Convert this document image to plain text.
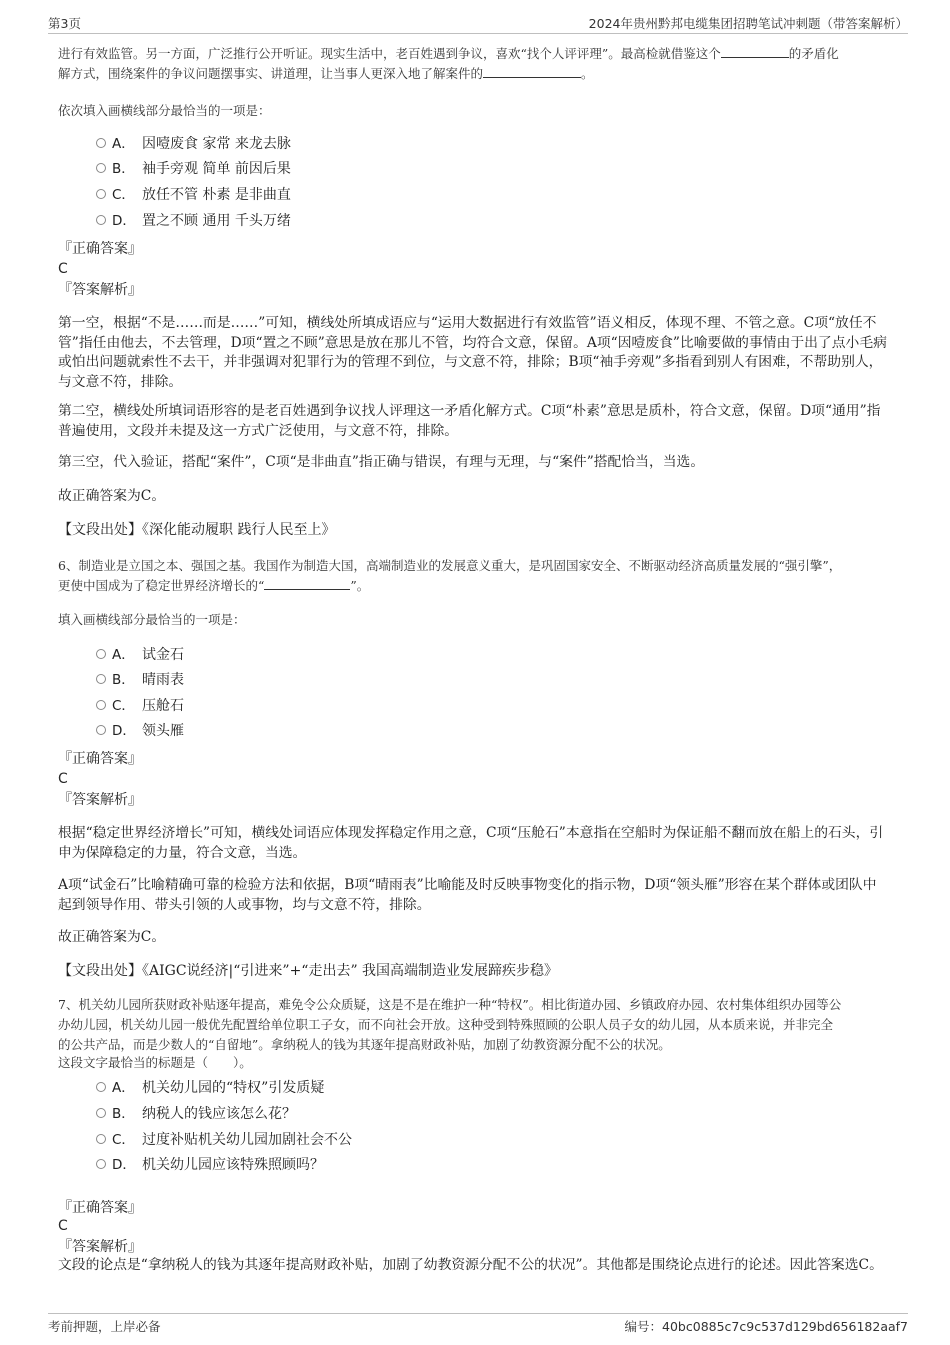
第3页	2024年贵州黔邦电缆集团招聘笔试冲刺题（带答案解析）
进行有效监管。另一方面，广泛推行公开听证。现实生活中，老百姓遇到争议，喜欢“找个人评评理”。最高检就借鉴这个	的矛盾化
解方式，围绕案件的争议问题摆事实、讲道理，让当事人更深入地了解案件的	。
依次填入画横线部分最恰当的一项是：
A． 因噎废食 家常 来龙去脉
B． 袖手旁观 简单 前因后果
C． 放任不管 朴素 是非曲直
D． 置之不顾 通用 千头万绪
『正确答案』
C
『答案解析』
第一空，根据“不是……而是……”可知，横线处所填成语应与“运用大数据进行有效监管”语义相反，体现不理、不管之意。C项“放任不管”指任由他去，不去管理，D项“置之不顾”意思是放在那儿不管，均符合文意，保留。A项“因噎废食”比喻要做的事情由于出了点小毛病或怕出问题就索性不去干，并非强调对犯罪行为的管理不到位，与文意不符，排除；B项“袖手旁观”多指看到别人有困难，不帮助别人，与文意不符，排除。
第二空，横线处所填词语形容的是老百姓遇到争议找人评理这一矛盾化解方式。C项“朴素”意思是质朴，符合文意，保留。D项“通用”指普遍使用，文段并未提及这一方式广泛使用，与文意不符，排除。
第三空，代入验证，搭配“案件”，C项“是非曲直”指正确与错误，有理与无理，与“案件”搭配恰当，当选。
故正确答案为C。
【文段出处】《深化能动履职 践行人民至上》
6、制造业是立国之本、强国之基。我国作为制造大国，高端制造业的发展意义重大，是巩固国家安全、不断驱动经济高质量发展的“强引擎”，
更使中国成为了稳定世界经济增长的“	”。
填入画横线部分最恰当的一项是：
A． 试金石
B． 晴雨表
C． 压舱石
D． 领头雁
『正确答案』
C
『答案解析』
根据“稳定世界经济增长”可知，横线处词语应体现发挥稳定作用之意，C项“压舱石”本意指在空船时为保证船不翻而放在船上的石头，引申为保障稳定的力量，符合文意，当选。
A项“试金石”比喻精确可靠的检验方法和依据，B项“晴雨表”比喻能及时反映事物变化的指示物，D项“领头雁”形容在某个群体或团队中起到领导作用、带头引领的人或事物，均与文意不符，排除。
故正确答案为C。
【文段出处】《AIGC说经济|“引进来”+“走出去” 我国高端制造业发展蹄疾步稳》
7、机关幼儿园所获财政补贴逐年提高，难免令公众质疑，这是不是在维护一种“特权”。相比街道办园、乡镇政府办园、农村集体组织办园等公
办幼儿园，机关幼儿园一般优先配置给单位职工子女，而不向社会开放。这种受到特殊照顾的公职人员子女的幼儿园，从本质来说，并非完全
的公共产品，而是少数人的“自留地”。拿纳税人的钱为其逐年提高财政补贴，加剧了幼教资源分配不公的状况。
这段文字最恰当的标题是（　　）。
A． 机关幼儿园的“特权”引发质疑
B． 纳税人的钱应该怎么花？
C． 过度补贴机关幼儿园加剧社会不公
D． 机关幼儿园应该特殊照顾吗？
『正确答案』
C
『答案解析』
文段的论点是“拿纳税人的钱为其逐年提高财政补贴，加剧了幼教资源分配不公的状况”。其他都是围绕论点进行的论述。因此答案选C。
考前押题，上岸必备	编号：40bc0885c7c9c537d129bd656182aaf7
